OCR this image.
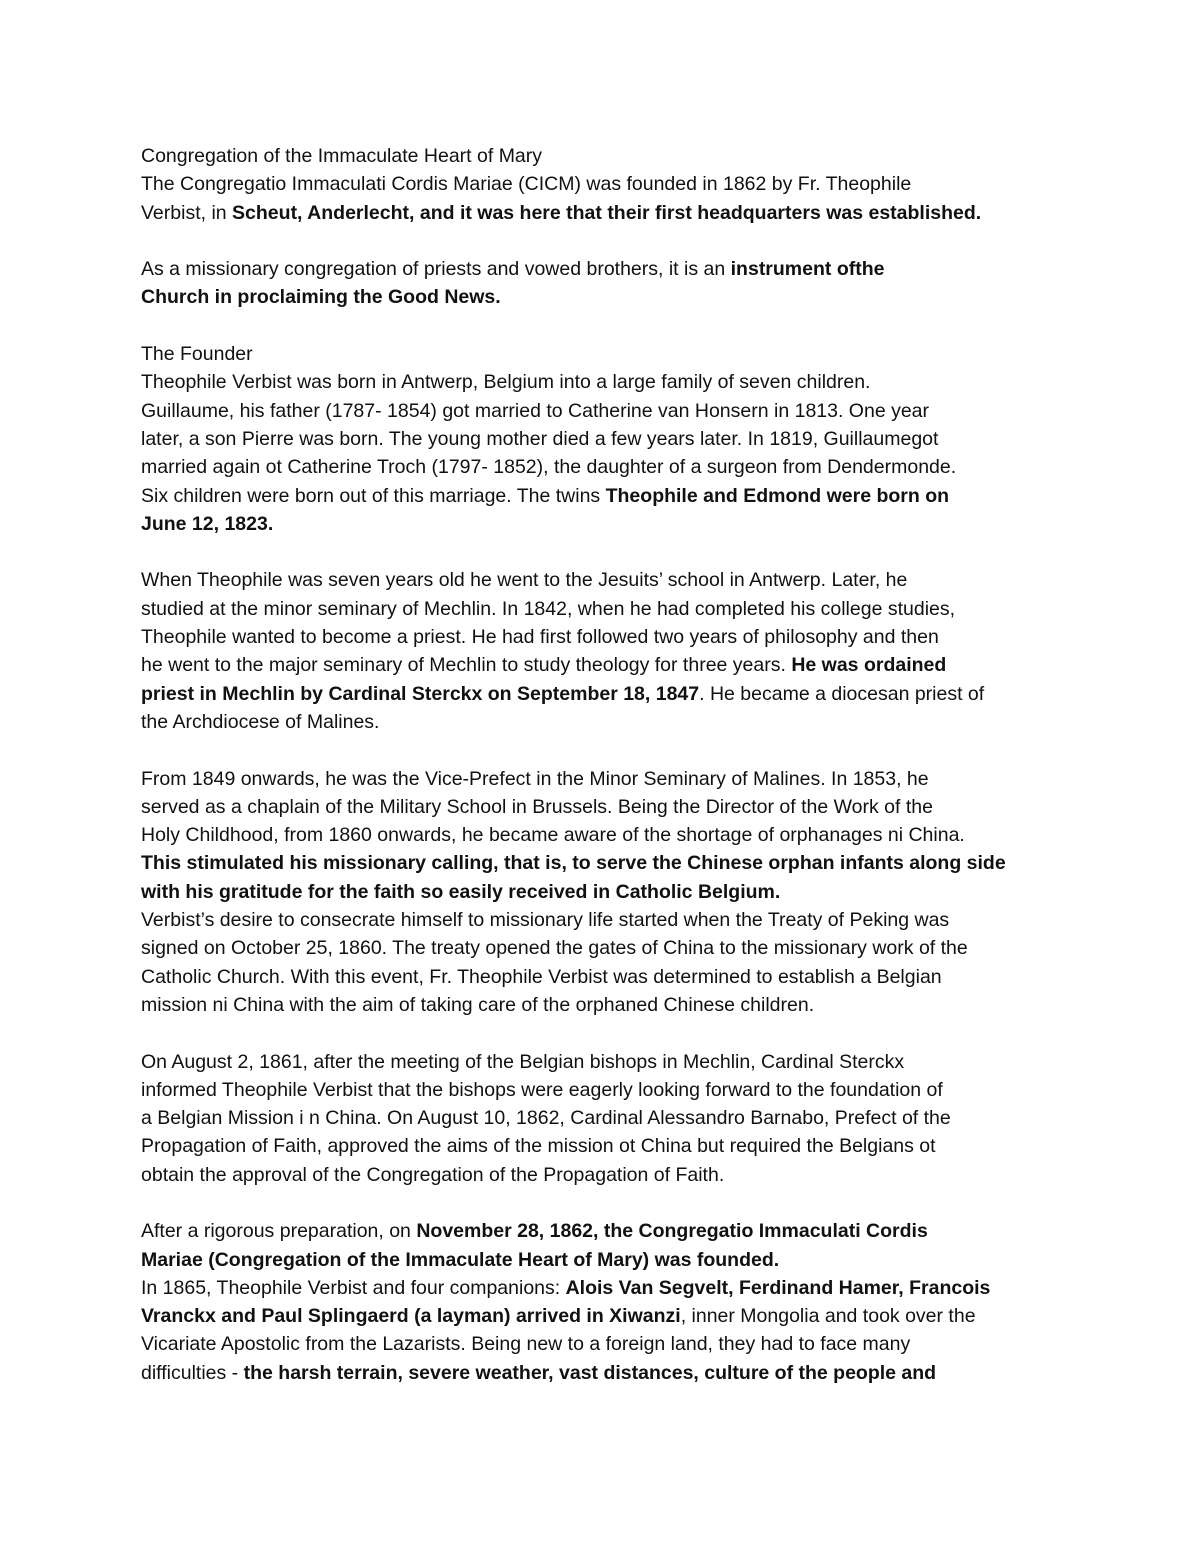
Congregation of the Immaculate Heart of Mary
The Congregatio Immaculati Cordis Mariae (CICM) was founded in 1862 by Fr. Theophile
Verbist, in Scheut, Anderlecht, and it was here that their first headquarters was established.
As a missionary congregation of priests and vowed brothers, it is an instrument ofthe
Church in proclaiming the Good News.
The Founder
Theophile Verbist was born in Antwerp, Belgium into a large family of seven children.
Guillaume, his father (1787- 1854) got married to Catherine van Honsern in 1813. One year
later, a son Pierre was born. The young mother died a few years later. In 1819, Guillaumegot
married again ot Catherine Troch (1797- 1852), the daughter of a surgeon from Dendermonde.
Six children were born out of this marriage. The twins Theophile and Edmond were born on
June 12, 1823.
When Theophile was seven years old he went to the Jesuits’ school in Antwerp. Later, he
studied at the minor seminary of Mechlin. In 1842, when he had completed his college studies,
Theophile wanted to become a priest. He had first followed two years of philosophy and then
he went to the major seminary of Mechlin to study theology for three years. He was ordained
priest in Mechlin by Cardinal Sterckx on September 18, 1847. He became a diocesan priest of
the Archdiocese of Malines.
From 1849 onwards, he was the Vice-Prefect in the Minor Seminary of Malines. In 1853, he
served as a chaplain of the Military School in Brussels. Being the Director of the Work of the
Holy Childhood, from 1860 onwards, he became aware of the shortage of orphanages ni China.
This stimulated his missionary calling, that is, to serve the Chinese orphan infants along side
with his gratitude for the faith so easily received in Catholic Belgium.
Verbist’s desire to consecrate himself to missionary life started when the Treaty of Peking was
signed on October 25, 1860. The treaty opened the gates of China to the missionary work of the
Catholic Church. With this event, Fr. Theophile Verbist was determined to establish a Belgian
mission ni China with the aim of taking care of the orphaned Chinese children.
On August 2, 1861, after the meeting of the Belgian bishops in Mechlin, Cardinal Sterckx
informed Theophile Verbist that the bishops were eagerly looking forward to the foundation of
a Belgian Mission i n China. On August 10, 1862, Cardinal Alessandro Barnabo, Prefect of the
Propagation of Faith, approved the aims of the mission ot China but required the Belgians ot
obtain the approval of the Congregation of the Propagation of Faith.
After a rigorous preparation, on November 28, 1862, the Congregatio Immaculati Cordis
Mariae (Congregation of the Immaculate Heart of Mary) was founded.
In 1865, Theophile Verbist and four companions: Alois Van Segvelt, Ferdinand Hamer, Francois
Vranckx and Paul Splingaerd (a layman) arrived in Xiwanzi, inner Mongolia and took over the
Vicariate Apostolic from the Lazarists. Being new to a foreign land, they had to face many
difficulties - the harsh terrain, severe weather, vast distances, culture of the people and
